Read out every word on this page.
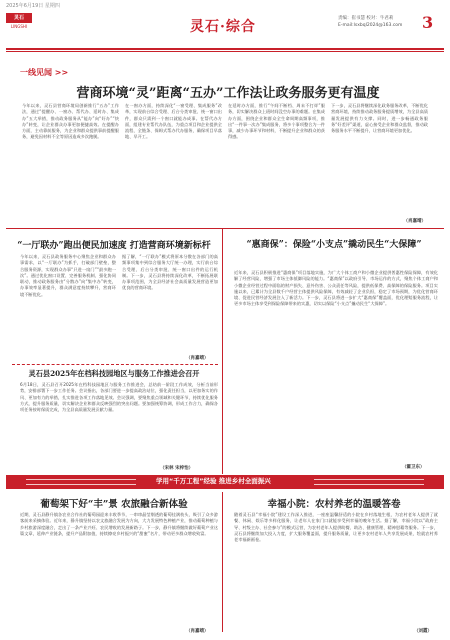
2025年6月19日 星期四
灵石
LINGSHI	灵石·综合
责编：崔书慧 校对：牛君莉
E-mail:lsxbql2024@163.com 3
一线见闻 >>
营商环境“灵”距离“五办”工作法让政务服务更有温度
今年以来，灵石县营商环境局创新推行“五办”工作法，通过“提醒办、一窗办、帮代办、延时办、集成办”五大举措，推动政务服务从“能办”向“好办”“快办”转变，让企业群众办事更加便捷高效。在提醒办方面，主动靠前服务，为企业和群众提供事前提醒服务，避免因材料不全等原因造成多次跑腿。
在一窗办方面，持续深化“一窗受理、集成服务”改革，实现前台综合受理、后台分类审批、统一窗口出件，群众只需到一个窗口就能办成事。在帮代办方面，组建专业帮代办队伍，为重点项目和企业提供全流程、全链条、保姆式帮办代办服务，确保项目早落地、早开工。
在延时办方面，推行“午间不断档、周末不打烊”服务，切实解决群众上班时间没空办事的难题。在集成办方面，围绕企业和群众全生命周期高频事项，推出“一件事一次办”集成服务，将多个事项整合为一件事，减少办事环节和材料，不断提升企业和群众的获得感。
下一步，灵石县将继续深化政务服务改革，不断优化营商环境，持续推动政务服务提质增效，为全县高质量发展提供有力支撑。同时，进一步畅通政务服务“好差评”渠道，虚心接受企业和群众监督，推动政务服务水平不断提升，让营商环境更加优化。
（肖嘉靖）
“一厅联办”跑出便民加速度 打造营商环境新标杆
今年以来，灵石县政务服务中心聚焦企业和群众办事需求，以“一厅联办”为抓手，打破部门壁垒，整合服务资源，实现群众办事“只进一扇门”“最多跑一次”。通过优化窗口设置、完善服务机制、强化协同联动，推动政务服务由“分散办”向“集中办”转变，办事效率显著提升，群众满意度持续攀升，营商环境不断优化。
据了解，“一厅联办”模式将原本分散在各部门的高频事项集中到综合服务大厅统一办理，实行前台综合受理、后台分类审批、统一窗口出件的运行机制。下一步，灵石县将持续深化改革，不断拓展联办事项范围，为全县经济社会高质量发展营造更加优良的营商环境。
（肖嘉靖）
灵石县2025年在档科技园地区与服务工作推进会召开
6月18日，灵石县召开2025年在档科技园地区与服务工作推进会，总结前一阶段工作成效，分析当前形势，安排部署下一步工作任务。会议指出，各部门要进一步提高政治站位，强化责任担当，以更加务实的作风、更加有力的举措，扎实推进各项工作落地见效。会议强调，要聚焦重点领域和关键环节，持续优化服务方式，提升服务质量，切实解决企业和群众反映强烈的突出问题。要加强统筹协调，形成工作合力，确保各项任务按时保质完成，为全县高质量发展贡献力量。
（宋林 宋梓怡）
“惠商保”：保险“小支点”撬动民生“大保障”
近年来，灵石县积极推进“惠商保”项目落地实施，为广大个体工商户和小微企业提供普惠性保险保障，有效化解了经营风险，增强了市场主体抵御风险的能力。“惠商保”以政府引导、市场运作的方式，聚焦个体工商户和小微企业经营过程中面临的财产损失、意外伤害、公众责任等风险，提供低保费、高保障的保险服务。项目实施以来，已累计为全县数千户经营主体提供风险保障，有效减轻了企业负担，稳定了市场预期，为优化营商环境、促进民营经济发展注入了新活力。下一步，灵石县将进一步扩大“惠商保”覆盖面，优化理赔服务流程，让更多市场主体享受到保险保障带来的实惠，切实以保险“小支点”撬动民生“大保障”。
（霍卫东）
学用“千万工程”经验 推进乡村全面振兴
葡萄架下好“丰”景 农旅融合新体验
近期，灵石县静升镇各农业合作社的葡萄园迎来丰收季节，一串串晶莹剔透的葡萄挂满枝头，吸引了众多游客前来采摘体验。近年来，静升镇坚持以农文旅融合发展为方向，大力发展特色种植产业，推动葡萄种植与乡村旅游深度融合，走出了一条产业兴旺、农民增收的发展新路子。下一步，静升镇将继续做好葡萄产业这篇文章，延伸产业链条，提升产品附加值，持续擦亮乡村振兴的“甜蜜”名片，带动更多群众增收致富。
（肖嘉靖）
幸福小院：农村养老的温暖答卷
随着灵石县“幸福小院”建设工作深入推进，一座座温馨舒适的小院在乡村落地生根，为农村老年人提供了就餐、休闲、娱乐等多样化服务，让老年人在家门口就能享受到幸福的晚年生活。据了解，幸福小院以“政府主导、村级主办、社会参与”的模式运营，为农村老年人提供助餐、助洁、健康管理、精神慰藉等服务。下一步，灵石县将继续加大投入力度，扩大服务覆盖面，提升服务质量，让更多农村老年人共享发展成果，绘就农村养老幸福新画卷。
（刘霞）
